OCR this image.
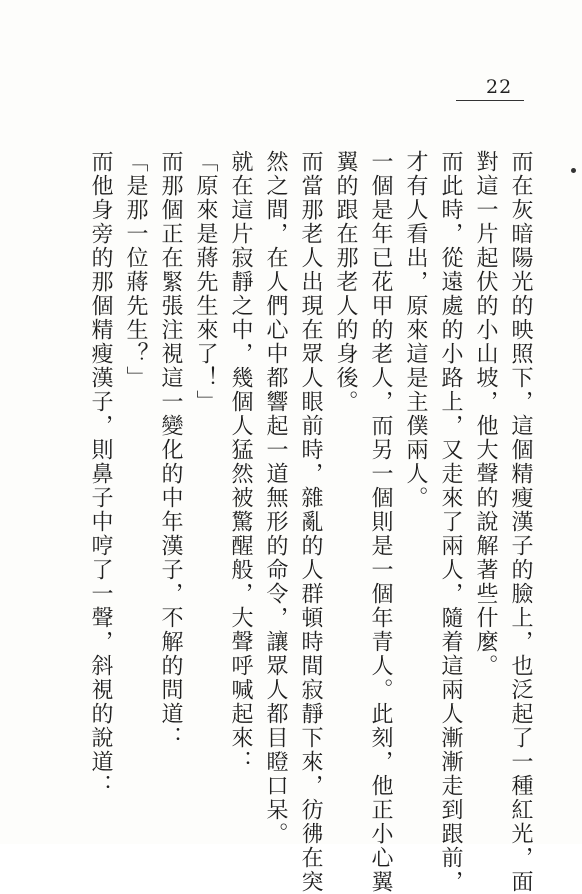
22
而在灰暗陽光的映照下，這個精瘦漢子的臉上，也泛起了一種紅光，面
對這一片起伏的小山坡，他大聲的說解著些什麼。
而此時，從遠處的小路上，又走來了兩人，隨着這兩人漸漸走到跟前，
才有人看出，原來這是主僕兩人。
一個是年已花甲的老人，而另一個則是一個年青人。此刻，他正小心翼
翼的跟在那老人的身後。
而當那老人出現在眾人眼前時，雜亂的人群頓時間寂靜下來，彷彿在突
然之間，在人們心中都響起一道無形的命令，讓眾人都目瞪口呆。
就在這片寂靜之中，幾個人猛然被驚醒般，大聲呼喊起來：
「原來是蔣先生來了！」
而那個正在緊張注視這一變化的中年漢子，不解的問道：
「是那一位蔣先生？」
而他身旁的那個精瘦漢子，則鼻子中哼了一聲，斜視的說道：
